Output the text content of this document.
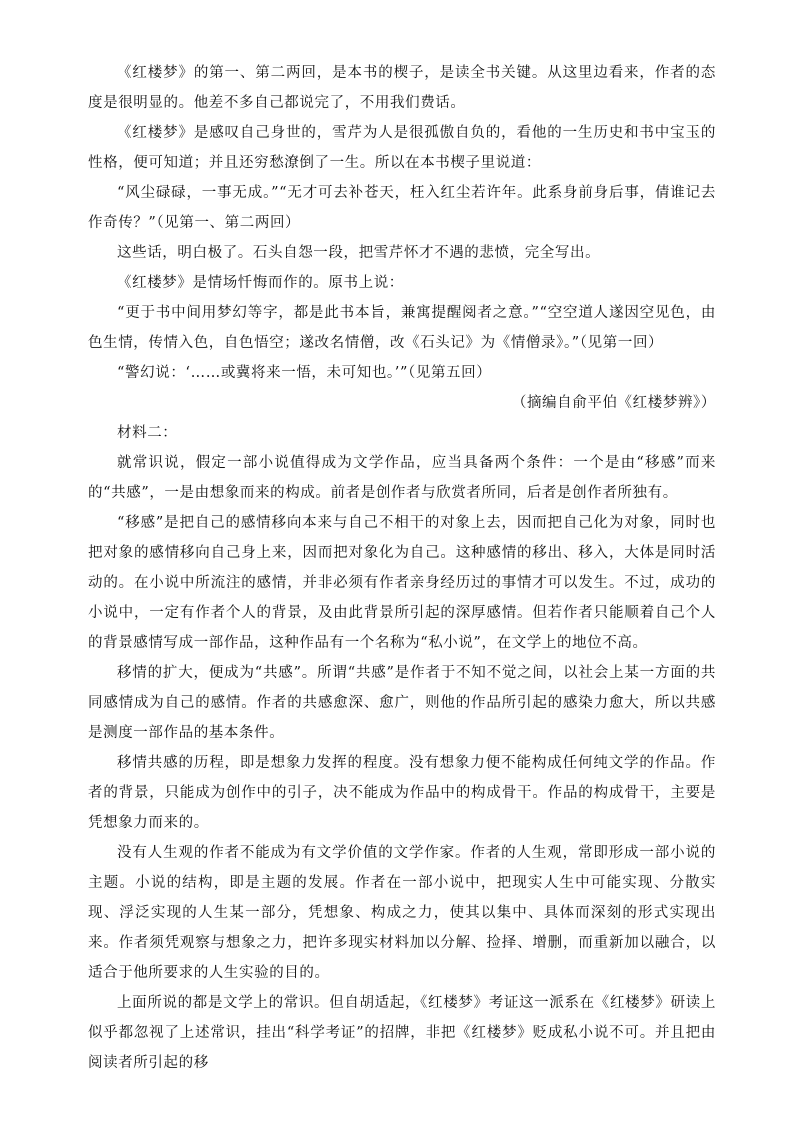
《红楼梦》的第一、第二两回，是本书的楔子，是读全书关键。从这里边看来，作者的态度是很明显的。他差不多自己都说完了，不用我们费话。

《红楼梦》是感叹自己身世的，雪芹为人是很孤傲自负的，看他的一生历史和书中宝玉的性格，便可知道；并且还穷愁潦倒了一生。所以在本书楔子里说道：

“风尘碌碌，一事无成。”“无才可去补苍天，枉入红尘若许年。此系身前身后事，倩谁记去作奇传？”（见第一、第二两回）

这些话，明白极了。石头自怨一段，把雪芹怀才不遇的悲愤，完全写出。

《红楼梦》是情场忏悔而作的。原书上说：

“更于书中间用梦幻等字，都是此书本旨，兼寓提醒阅者之意。”“空空道人遂因空见色，由色生情，传情入色，自色悟空；遂改名情僧，改《石头记》为《情僧录》。”（见第一回）

“警幻说：‘……或冀将来一悟，未可知也。’”（见第五回）

（摘编自俞平伯《红楼梦辨》）

材料二：

就常识说，假定一部小说值得成为文学作品，应当具备两个条件：一个是由“移感”而来的“共感”，一是由想象而来的构成。前者是创作者与欣赏者所同，后者是创作者所独有。

“移感”是把自己的感情移向本来与自己不相干的对象上去，因而把自己化为对象，同时也把对象的感情移向自己身上来，因而把对象化为自己。这种感情的移出、移入，大体是同时活动的。在小说中所流注的感情，并非必须有作者亲身经历过的事情才可以发生。不过，成功的小说中，一定有作者个人的背景，及由此背景所引起的深厚感情。但若作者只能顺着自己个人的背景感情写成一部作品，这种作品有一个名称为“私小说”，在文学上的地位不高。

移情的扩大，便成为“共感”。所谓“共感”是作者于不知不觉之间，以社会上某一方面的共同感情成为自己的感情。作者的共感愈深、愈广，则他的作品所引起的感染力愈大，所以共感是测度一部作品的基本条件。

移情共感的历程，即是想象力发挥的程度。没有想象力便不能构成任何纯文学的作品。作者的背景，只能成为创作中的引子，决不能成为作品中的构成骨干。作品的构成骨干，主要是凭想象力而来的。

没有人生观的作者不能成为有文学价值的文学作家。作者的人生观，常即形成一部小说的主题。小说的结构，即是主题的发展。作者在一部小说中，把现实人生中可能实现、分散实现、浮泛实现的人生某一部分，凭想象、构成之力，使其以集中、具体而深刻的形式实现出来。作者须凭观察与想象之力，把许多现实材料加以分解、捡择、增删，而重新加以融合，以适合于他所要求的人生实验的目的。

上面所说的都是文学上的常识。但自胡适起，《红楼梦》考证这一派系在《红楼梦》研读上似乎都忽视了上述常识，挂出“科学考证”的招牌，非把《红楼梦》贬成私小说不可。并且把由阅读者所引起的移
